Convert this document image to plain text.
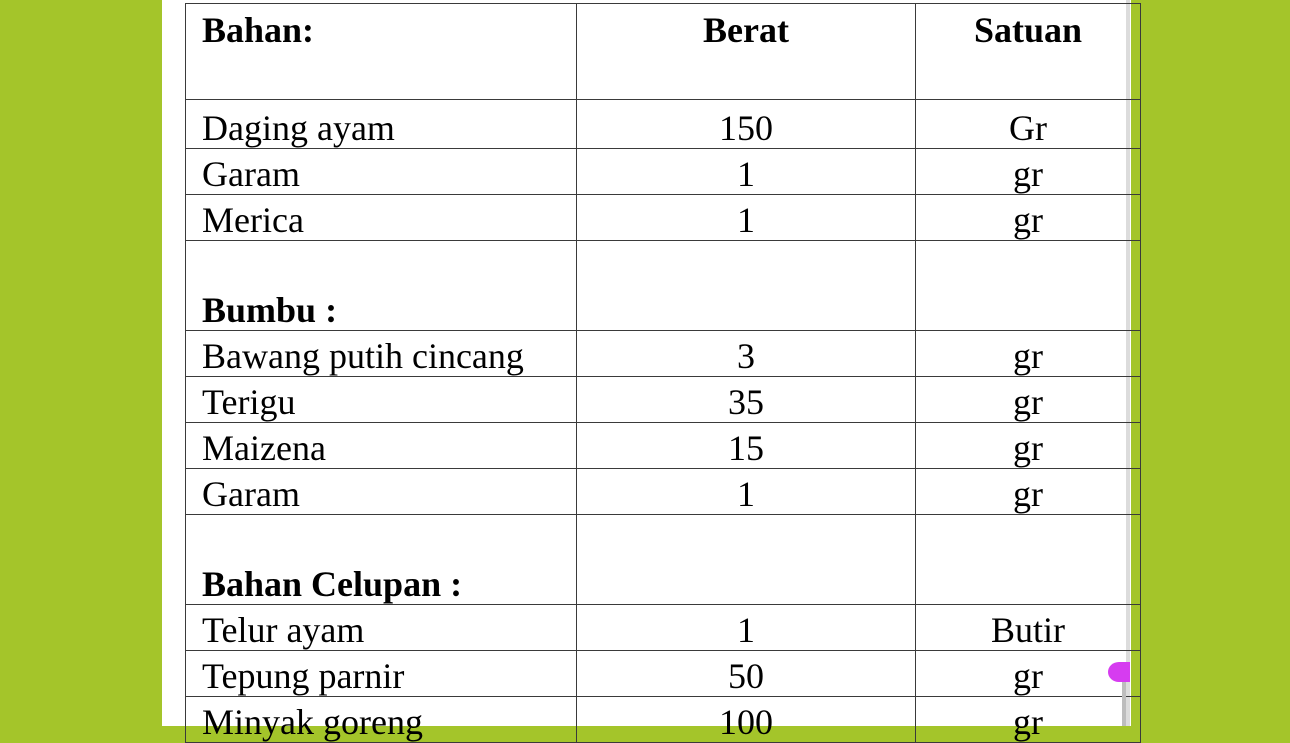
Bahan:	Berat	Satuan
Daging ayam	150	Gr
Garam	1	gr
Merica	1	gr
Bumbu :		
Bawang putih cincang	3	gr
Terigu	35	gr
Maizena	15	gr
Garam	1	gr
Bahan Celupan :		
Telur ayam	1	Butir
Tepung parnir	50	gr
Minyak goreng	100	gr
